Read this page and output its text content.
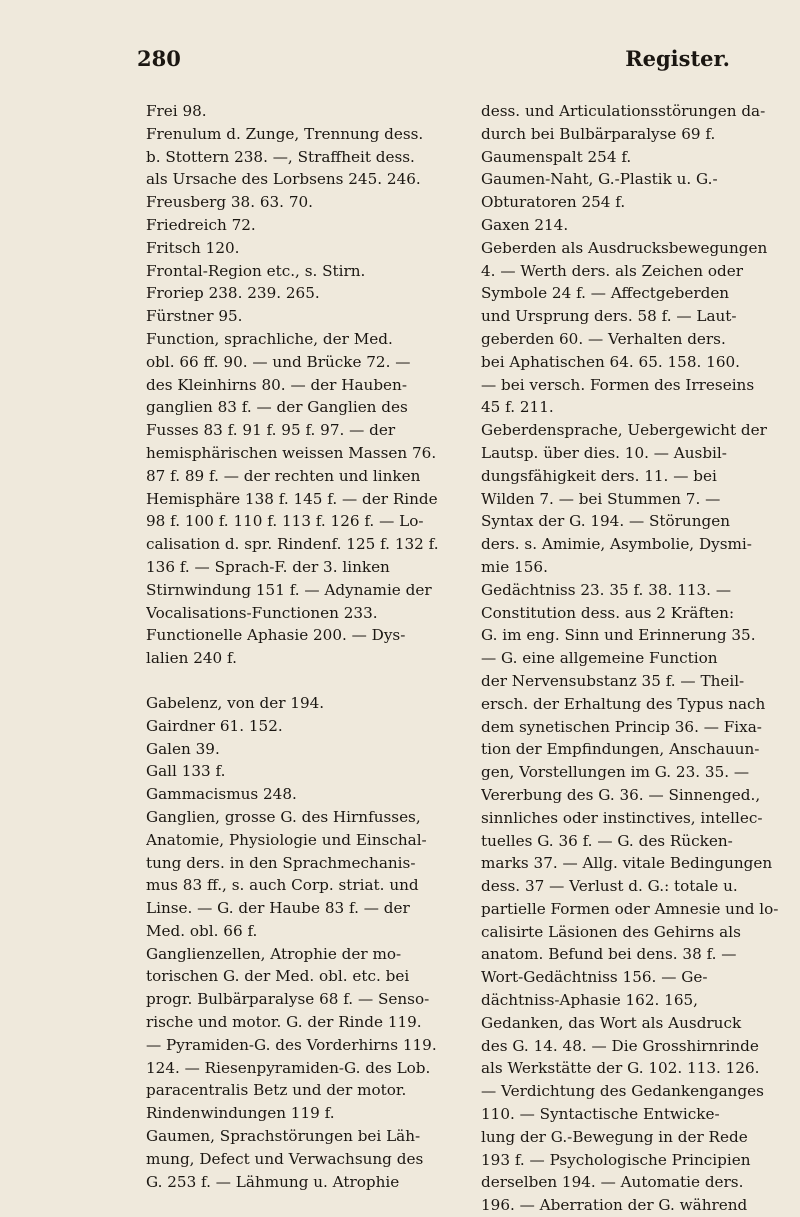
280	Register.
Frei 98.
Frenulum d. Zunge, Trennung dess.
b. Stottern 238. —, Straffheit dess.
als Ursache des Lorbsens 245. 246.
Freusberg 38. 63. 70.
Friedreich 72.
Fritsch 120.
Frontal-Region etc., s. Stirn.
Froriep 238. 239. 265.
Fürstner 95.
Function, sprachliche, der Med.
obl. 66 ff. 90. — und Brücke 72. —
des Kleinhirns 80. — der Hauben-
ganglien 83 f. — der Ganglien des
Fusses 83 f. 91 f. 95 f. 97. — der
hemisphärischen weissen Massen 76.
87 f. 89 f. — der rechten und linken
Hemisphäre 138 f. 145 f. — der Rinde
98 f. 100 f. 110 f. 113 f. 126 f. — Lo-
calisation d. spr. Rindenf. 125 f. 132 f.
136 f. — Sprach-F. der 3. linken
Stirnwindung 151 f. — Adynamie der
Vocalisations-Functionen 233.
Functionelle Aphasie 200. — Dys-
lalien 240 f.
Gabelenz, von der 194.
Gairdner 61. 152.
Galen 39.
Gall 133 f.
Gammacismus 248.
Ganglien, grosse G. des Hirnfusses,
Anatomie, Physiologie und Einschal-
tung ders. in den Sprachmechanis-
mus 83 ff., s. auch Corp. striat. und
Linse. — G. der Haube 83 f. — der
Med. obl. 66 f.
Ganglienzellen, Atrophie der mo-
torischen G. der Med. obl. etc. bei
progr. Bulbärparalyse 68 f. — Senso-
rische und motor. G. der Rinde 119.
— Pyramiden-G. des Vorderhirns 119.
124. — Riesenpyramiden-G. des Lob.
paracentralis Betz und der motor.
Rindenwindungen 119 f.
Gaumen, Sprachstörungen bei Läh-
mung, Defect und Verwachsung des
G. 253 f. — Lähmung u. Atrophie
dess. und Articulationsstörungen da-
durch bei Bulbärparalyse 69 f.
Gaumenspalt 254 f.
Gaumen-Naht, G.-Plastik u. G.-
Obturatoren 254 f.
Gaxen 214.
Geberden als Ausdrucksbewegungen
4. — Werth ders. als Zeichen oder
Symbole 24 f. — Affectgeberden
und Ursprung ders. 58 f. — Laut-
geberden 60. — Verhalten ders.
bei Aphatischen 64. 65. 158. 160.
— bei versch. Formen des Irreseins
45 f. 211.
Geberdensprache, Uebergewicht der
Lautsp. über dies. 10. — Ausbil-
dungsfähigkeit ders. 11. — bei
Wilden 7. — bei Stummen 7. —
Syntax der G. 194. — Störungen
ders. s. Amimie, Asymbolie, Dysmi-
mie 156.
Gedächtniss 23. 35 f. 38. 113. —
Constitution dess. aus 2 Kräften:
G. im eng. Sinn und Erinnerung 35.
— G. eine allgemeine Function
der Nervensubstanz 35 f. — Theil-
ersch. der Erhaltung des Typus nach
dem synetischen Princip 36. — Fixa-
tion der Empfindungen, Anschauun-
gen, Vorstellungen im G. 23. 35. —
Vererbung des G. 36. — Sinnenged.,
sinnliches oder instinctives, intellec-
tuelles G. 36 f. — G. des Rücken-
marks 37. — Allg. vitale Bedingungen
dess. 37 — Verlust d. G.: totale u.
partielle Formen oder Amnesie und lo-
calisirte Läsionen des Gehirns als
anatom. Befund bei dens. 38 f. —
Wort-Gedächtniss 156. — Ge-
dächtniss-Aphasie 162. 165,
Gedanken, das Wort als Ausdruck
des G. 14. 48. — Die Grosshirnrinde
als Werkstätte der G. 102. 113. 126.
— Verdichtung des Gedankenganges
110. — Syntactische Entwicke-
lung der G.-Bewegung in der Rede
193 f. — Psychologische Principien
derselben 194. — Automatie ders.
196. — Aberration der G. während
